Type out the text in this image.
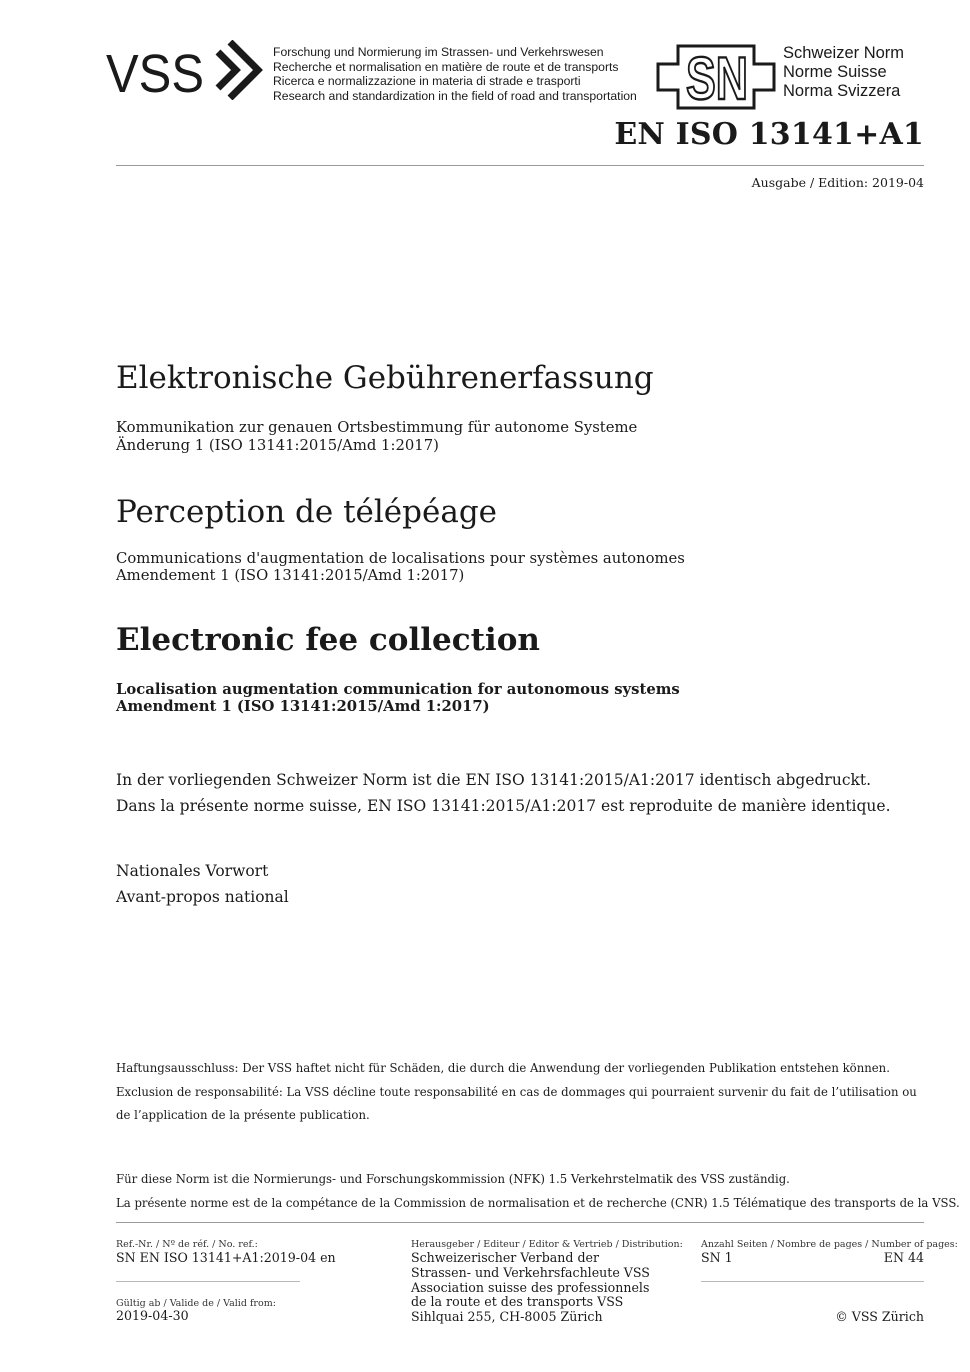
VSS	Forschung und Normierung im Strassen- und Verkehrswesen
Recherche et normalisation en matière de route et de transports
Ricerca e normalizzazione in materia di strade e trasporti
Research and standardization in the field of road and transportation SN Schweizer Norm
Norme Suisse
Norma Svizzera
EN ISO 13141+A1
Ausgabe / Edition: 2019-04
Elektronische Gebührenerfassung
Kommunikation zur genauen Ortsbestimmung für autonome Systeme
Änderung 1 (ISO 13141:2015/Amd 1:2017)
Perception de télépéage
Communications d'augmentation de localisations pour systèmes autonomes
Amendement 1 (ISO 13141:2015/Amd 1:2017)
Electronic fee collection
Localisation augmentation communication for autonomous systems
Amendment 1 (ISO 13141:2015/Amd 1:2017)
In der vorliegenden Schweizer Norm ist die EN ISO 13141:2015/A1:2017 identisch abgedruckt.
Dans la présente norme suisse, EN ISO 13141:2015/A1:2017 est reproduite de manière identique.
Nationales Vorwort
Avant-propos national
Haftungsausschluss: Der VSS haftet nicht für Schäden, die durch die Anwendung der vorliegenden Publikation entstehen können.
Exclusion de responsabilité: La VSS décline toute responsabilité en cas de dommages qui pourraient survenir du fait de l’utilisation ou
de l’application de la présente publication.
Für diese Norm ist die Normierungs- und Forschungskommission (NFK) 1.5 Verkehrstelmatik des VSS zuständig.
La présente norme est de la compétance de la Commission de normalisation et de recherche (CNR) 1.5 Télématique des transports de la VSS.
Ref.-Nr. / Nº de réf. / No. ref.:
SN EN ISO 13141+A1:2019-04 en
Gültig ab / Valide de / Valid from:
2019-04-30
Herausgeber / Editeur / Editor & Vertrieb / Distribution:
Schweizerischer Verband der
Strassen- und Verkehrsfachleute VSS
Association suisse des professionnels
de la route et des transports VSS
Sihlquai 255, CH-8005 Zürich
Anzahl Seiten / Nombre de pages / Number of pages:
SN 1	EN 44
© VSS Zürich
